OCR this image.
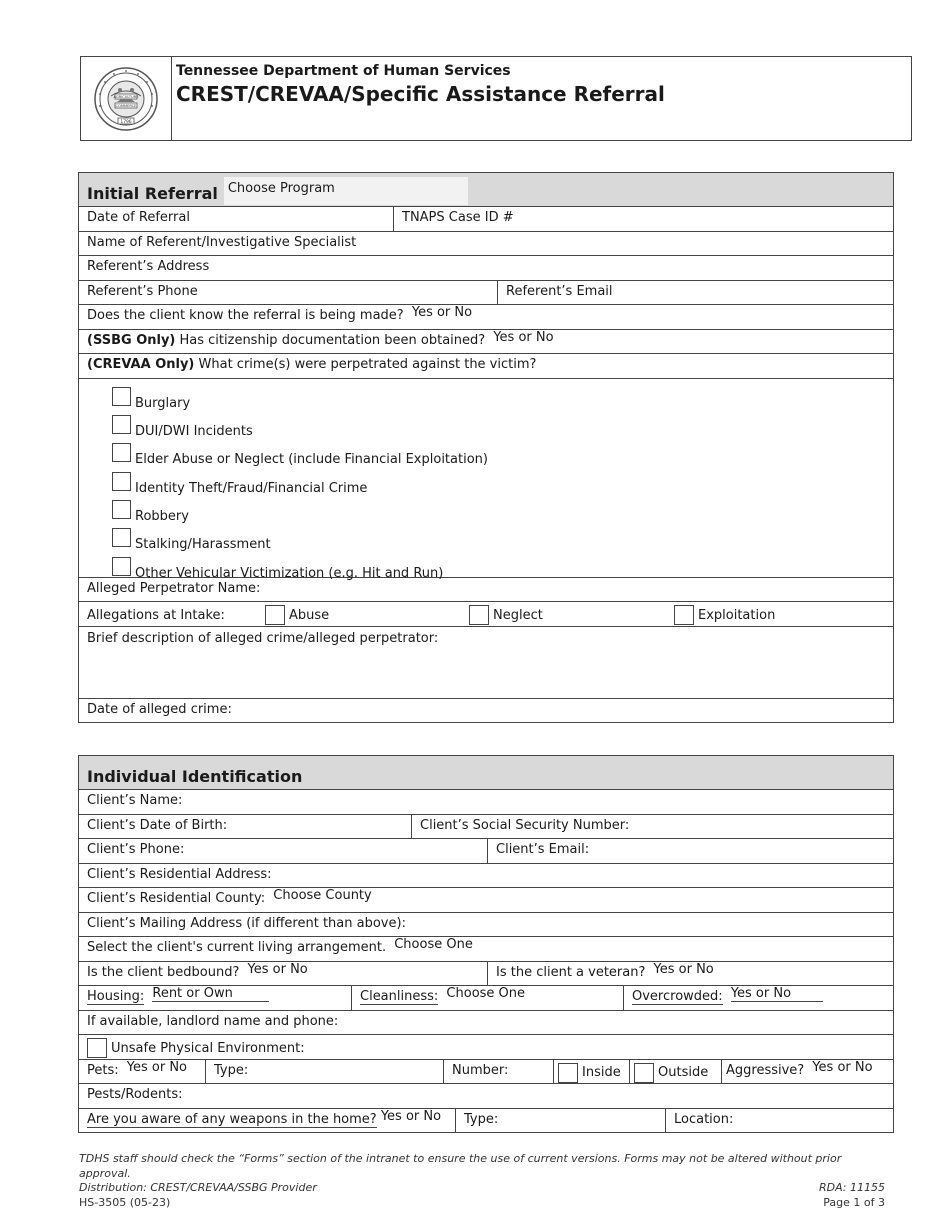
AGRICULTURE
COMMERCE
1796
Tennessee Department of Human Services
CREST/CREVAA/Specific Assistance Referral
Initial Referral Choose Program
Date of Referral	TNAPS Case ID #
Name of Referent/Investigative Specialist
Referent’s Address
Referent’s Phone	Referent’s Email
Does the client know the referral is being made? Yes or No
(SSBG Only) Has citizenship documentation been obtained? Yes or No
(CREVAA Only) What crime(s) were perpetrated against the victim?
Burglary
DUI/DWI Incidents
Elder Abuse or Neglect (include Financial Exploitation)
Identity Theft/Fraud/Financial Crime
Robbery
Stalking/Harassment
Other Vehicular Victimization (e.g. Hit and Run)
Alleged Perpetrator Name:
Allegations at Intake:	Abuse	Neglect	Exploitation
Brief description of alleged crime/alleged perpetrator:
Date of alleged crime:
Individual Identification
Client’s Name:
Client’s Date of Birth:	Client’s Social Security Number:
Client’s Phone:	Client’s Email:
Client’s Residential Address:
Client’s Residential County: Choose County
Client’s Mailing Address (if different than above):
Select the client's current living arrangement. Choose One
Is the client bedbound? Yes or No	Is the client a veteran? Yes or No
Housing: Rent or Own	Cleanliness: Choose One	Overcrowded: Yes or No
If available, landlord name and phone:
Unsafe Physical Environment:
Pets: Yes or No	Type:	Number:	Inside	Outside	Aggressive? Yes or No
Pests/Rodents:
Are you aware of any weapons in the home? Yes or No	Type:	Location:
TDHS staff should check the “Forms” section of the intranet to ensure the use of current versions. Forms may not be altered without prior approval.
Distribution: CREST/CREVAA/SSBG Provider	RDA: 11155
HS-3505 (05-23)	Page 1 of 3
